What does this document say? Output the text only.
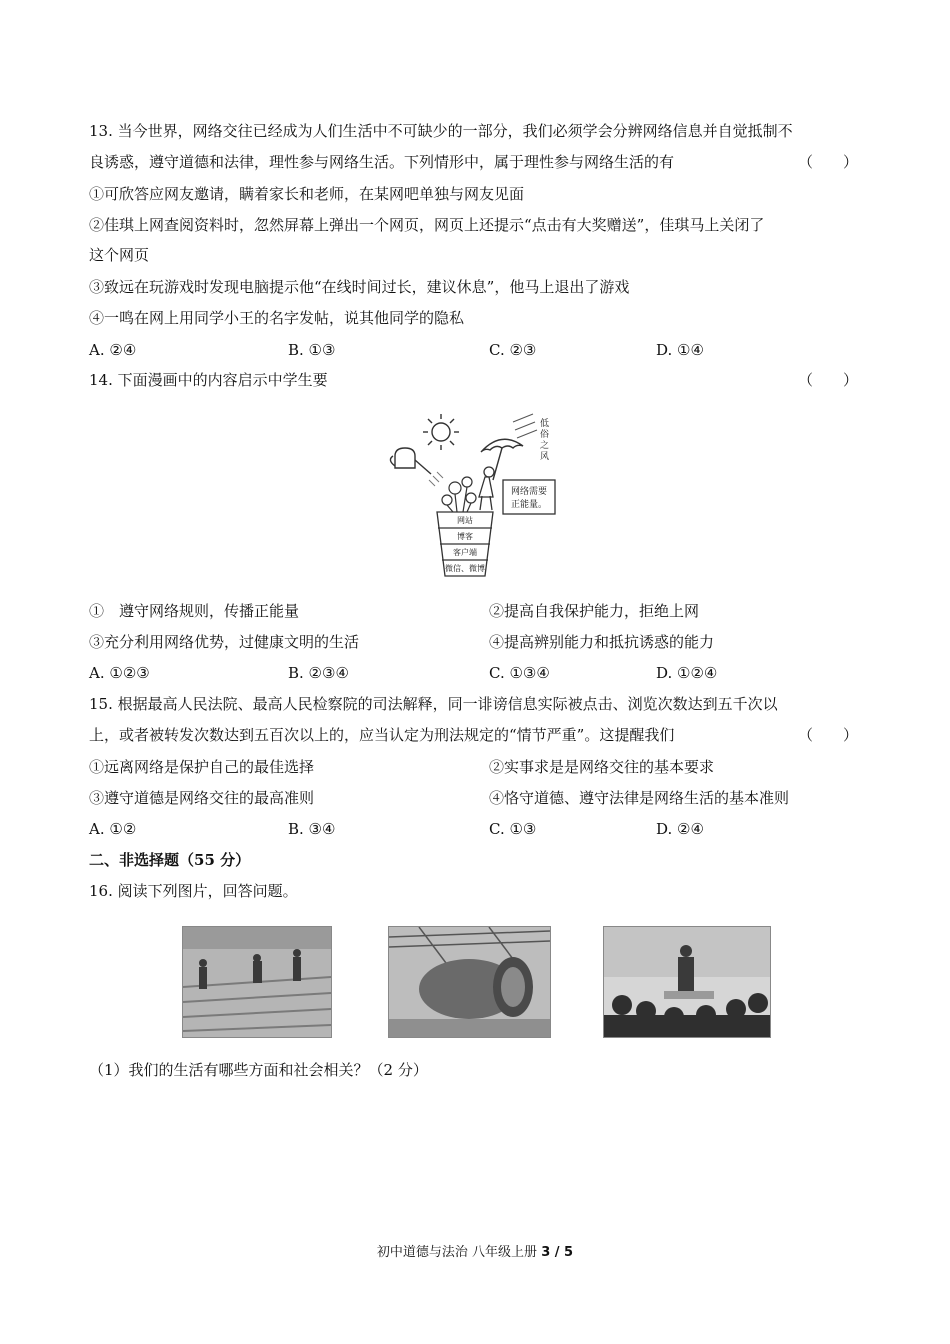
13. 当今世界，网络交往已经成为人们生活中不可缺少的一部分，我们必须学会分辨网络信息并自觉抵制不
良诱惑，遵守道德和法律，理性参与网络生活。下列情形中，属于理性参与网络生活的有	（　　）
①可欣答应网友邀请，瞒着家长和老师，在某网吧单独与网友见面
②佳琪上网查阅资料时，忽然屏幕上弹出一个网页，网页上还提示“点击有大奖赠送”，佳琪马上关闭了
这个网页
③致远在玩游戏时发现电脑提示他“在线时间过长，建议休息”，他马上退出了游戏
④一鸣在网上用同学小王的名字发帖，说其他同学的隐私
A. ②④	B. ①③	C. ②③	D. ①④
14. 下面漫画中的内容启示中学生要	（　　）
低
俗
之
风
网络需要
正能量。
网站
博客
客户端
微信、微博
①　遵守网络规则，传播正能量	②提高自我保护能力，拒绝上网
③充分利用网络优势，过健康文明的生活	④提高辨别能力和抵抗诱惑的能力
A. ①②③	B. ②③④	C. ①③④	D. ①②④
15. 根据最高人民法院、最高人民检察院的司法解释，同一诽谤信息实际被点击、浏览次数达到五千次以
上，或者被转发次数达到五百次以上的，应当认定为刑法规定的“情节严重”。这提醒我们	（　　）
①远离网络是保护自己的最佳选择	②实事求是是网络交往的基本要求
③遵守道德是网络交往的最高准则	④恪守道德、遵守法律是网络生活的基本准则
A. ①②	B. ③④	C. ①③	D. ②④
二、非选择题（55 分）
16. 阅读下列图片，回答问题。
（1）我们的生活有哪些方面和社会相关？（2 分）
初中道德与法治 八年级上册 3 / 5
